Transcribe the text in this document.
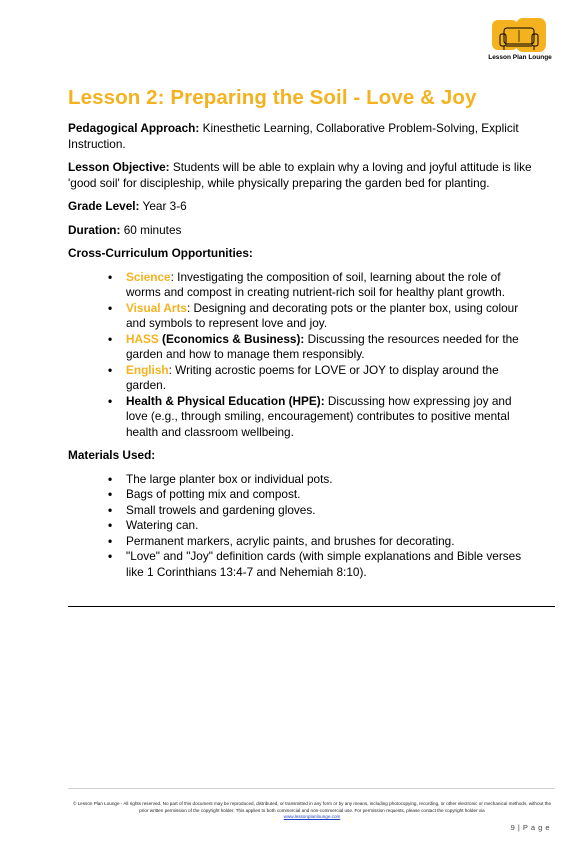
Lesson Plan Lounge
Lesson 2: Preparing the Soil - Love & Joy
Pedagogical Approach: Kinesthetic Learning, Collaborative Problem-Solving, Explicit Instruction.
Lesson Objective: Students will be able to explain why a loving and joyful attitude is like 'good soil' for discipleship, while physically preparing the garden bed for planting.
Grade Level: Year 3-6
Duration: 60 minutes
Cross-Curriculum Opportunities:
• Science: Investigating the composition of soil, learning about the role of worms and compost in creating nutrient-rich soil for healthy plant growth.
• Visual Arts: Designing and decorating pots or the planter box, using colour and symbols to represent love and joy.
• HASS (Economics & Business): Discussing the resources needed for the garden and how to manage them responsibly.
• English: Writing acrostic poems for LOVE or JOY to display around the garden.
• Health & Physical Education (HPE): Discussing how expressing joy and love (e.g., through smiling, encouragement) contributes to positive mental health and classroom wellbeing.
Materials Used:
• The large planter box or individual pots.
• Bags of potting mix and compost.
• Small trowels and gardening gloves.
• Watering can.
• Permanent markers, acrylic paints, and brushes for decorating.
• "Love" and "Joy" definition cards (with simple explanations and Bible verses like 1 Corinthians 13:4-7 and Nehemiah 8:10).
© Lesson Plan Lounge - All rights reserved. No part of this document may be reproduced, distributed, or transmitted in any form or by any means, including photocopying, recording, or other electronic or mechanical methods, without the prior written permission of the copyright holder. This applies to both commercial and non-commercial use. For permission requests, please contact the copyright holder via
www.lessonplanlounge.com
9 | P a g e
